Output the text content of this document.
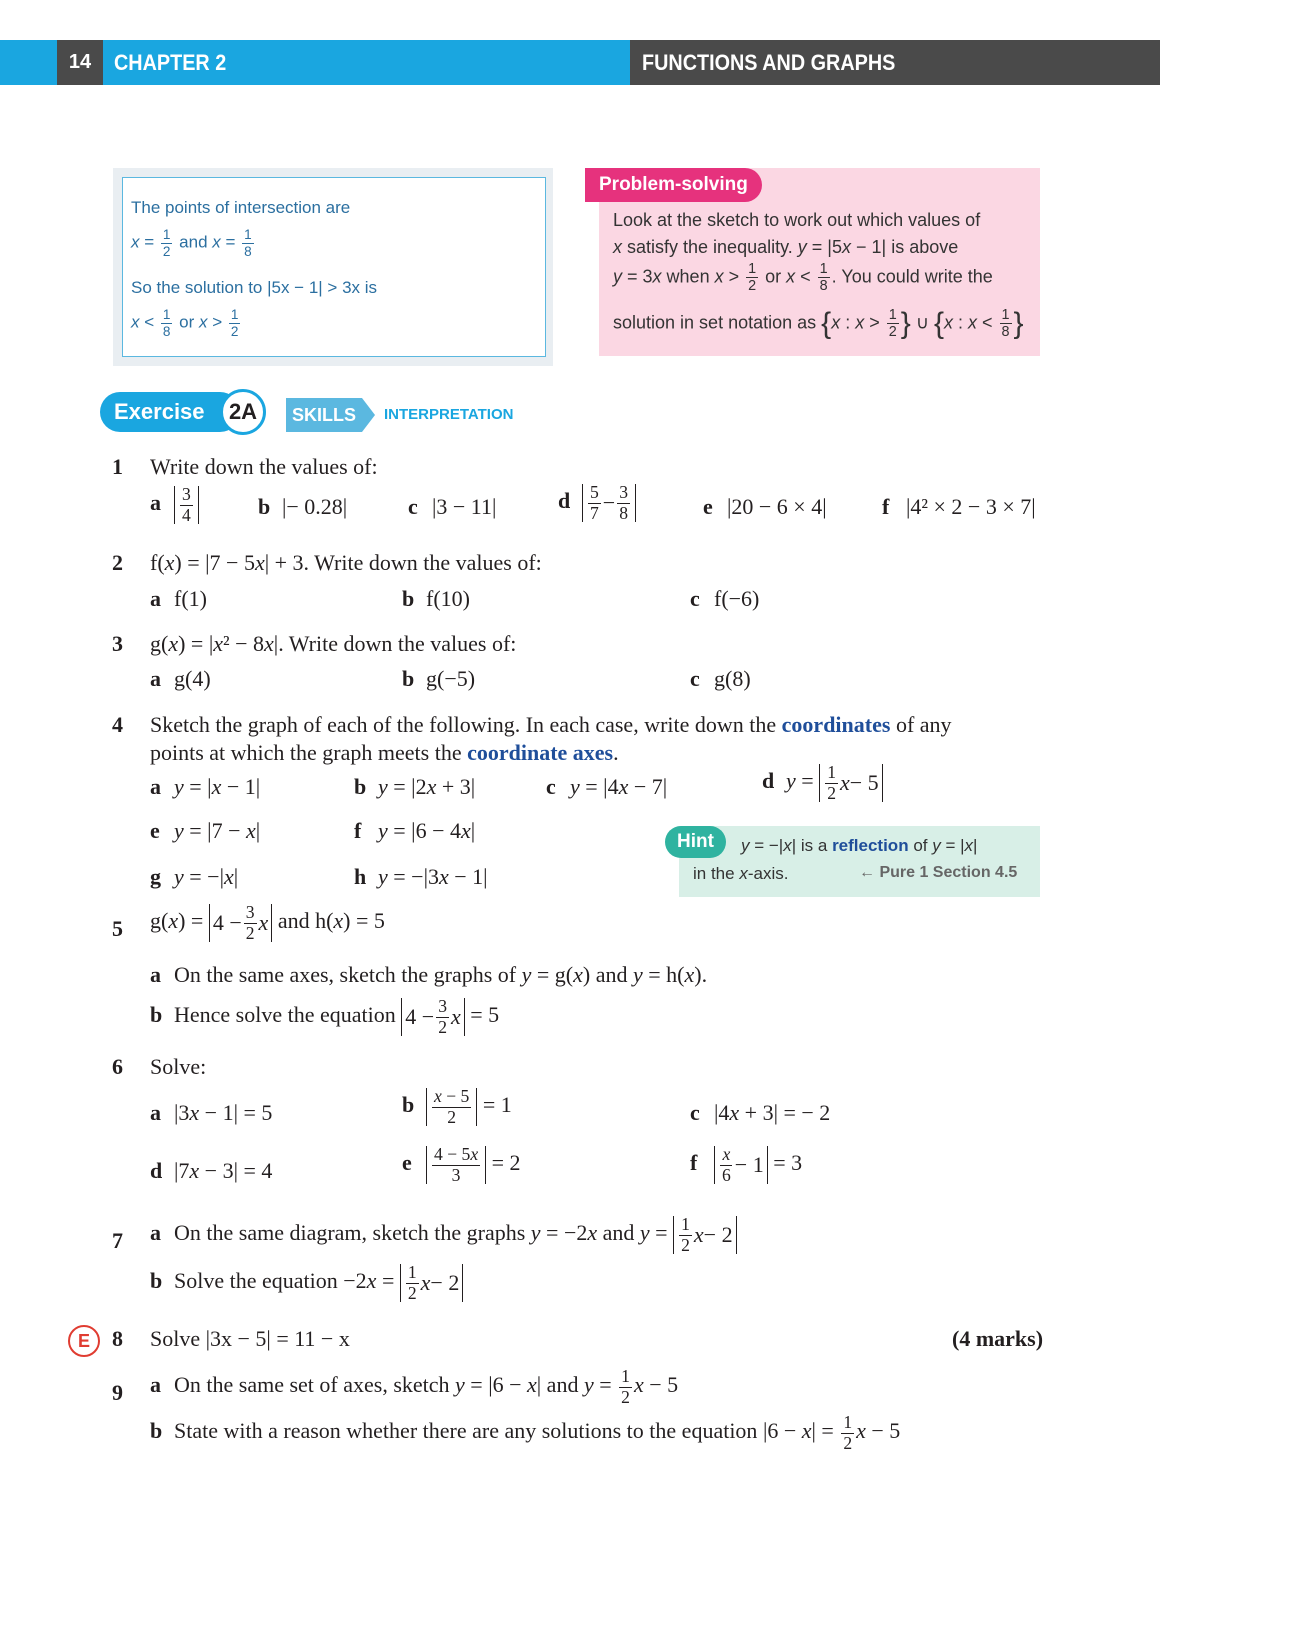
14	CHAPTER 2	FUNCTIONS AND GRAPHS
The points of intersection are
$x = \frac{1}{2}$ and $x = \frac{1}{8}$
So the solution to |5x − 1| > 3x is
$x < \frac{1}{8}$ or $x > \frac{1}{2}$
Problem-solving
Look at the sketch to work out which values of
x satisfy the inequality. y = |5x − 1| is above
y = 3x when $x > \frac{1}{2}$ or $x < \frac{1}{8}$ . You could write the
solution in set notation as {x : $x > \frac{1}{2}$ } ∪ {x : $x < \frac{1}{8}$ }
Exercise	2A	SKILLS	INTERPRETATION
1 Write down the values of:
a $\frac{3}{4}$	b |− 0.28|	c |3 − 11|	d $\frac{5}{7} - \frac{3}{8}$	e |20 − 6 × 4|	f |4² × 2 − 3 × 7|
2 f(x) = |7 − 5x| + 3. Write down the values of:
a f(1)	b f(10)	c f(−6)
3 g(x) = |x² − 8x|. Write down the values of:
a g(4)	b g(−5)	c g(8)
4 Sketch the graph of each of the following. In each case, write down the coordinates of any
points at which the graph meets the coordinate axes.
a y = |x − 1|	b y = |2x + 3|	c y = |4x − 7|	d $y = \frac{1}{2}$ x − 5
e y = |7 − x|	f y = |6 − 4x|
g y = −|x|	h y = −|3x − 1|
Hint	y = −|x| is a reflection of y = |x|
in the x-axis.	← Pure 1 Section 4.5
5 $g(x) = 4 - \frac{3}{2}$ x and h(x) = 5
a On the same axes, sketch the graphs of y = g(x) and y = h(x).
b Hence solve the equation $4 - \frac{3}{2}$ x = 5
6 Solve:
a |3x − 1| = 5	b $\frac{x - 5}{2} = 1$	c |4x + 3| = − 2
d |7x − 3| = 4	e $\frac{4 - 5x}{3} = 2$	f $\frac{x}{6} - 1 = 3$
7 a On the same diagram, sketch the graphs y = −2x and $y = \frac{1}{2}$ x − 2
b Solve the equation $-2x = \frac{1}{2}$ x − 2
E	8 Solve |3x − 5| = 11 − x	(4 marks)
9 a On the same set of axes, sketch y = |6 − x| and $y = \frac{1}{2}$ x − 5
b State with a reason whether there are any solutions to the equation $|6 - x| = \frac{1}{2}$ x − 5
